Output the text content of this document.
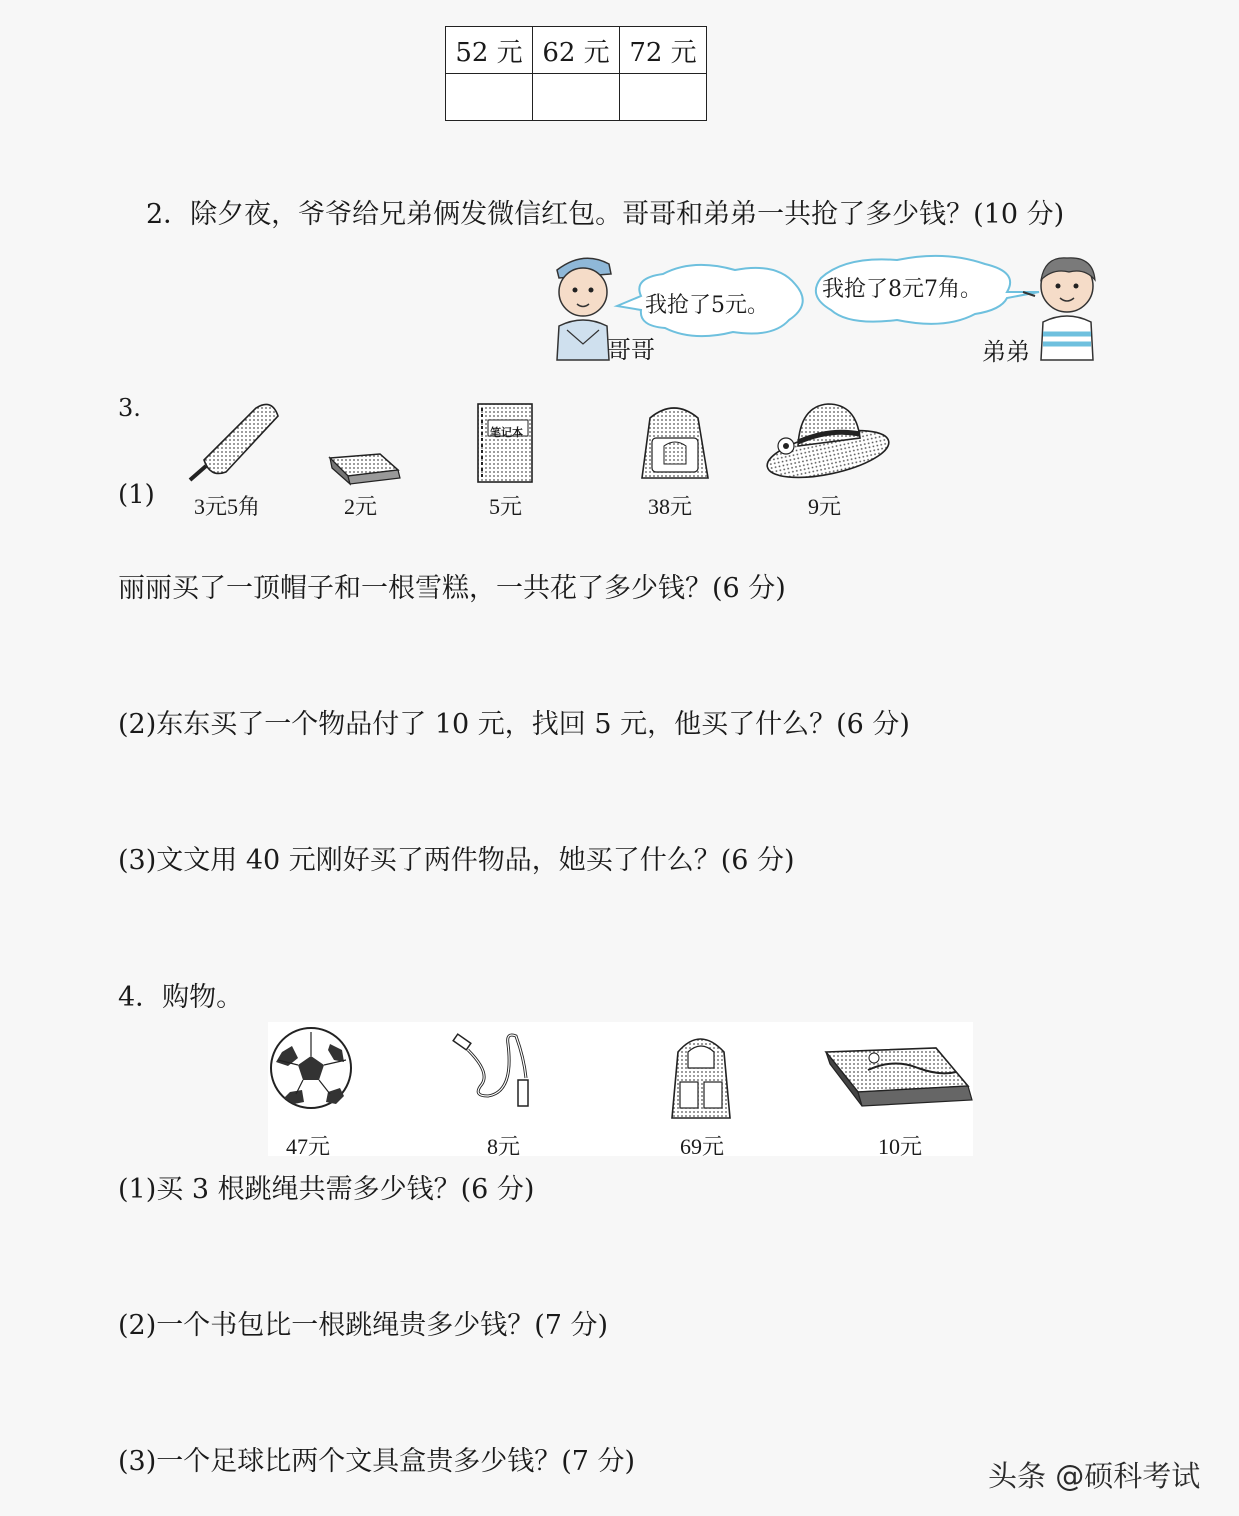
52 元	62 元	72 元

2．除夕夜，爷爷给兄弟俩发微信红包。哥哥和弟弟一共抢了多少钱？(10 分)
我抢了5元。
我抢了8元7角。
哥哥	弟弟
3.
(1)
笔记本
3元5角	2元	5元	38元	9元
丽丽买了一顶帽子和一根雪糕，一共花了多少钱？(6 分)
(2)东东买了一个物品付了 10 元，找回 5 元，他买了什么？(6 分)
(3)文文用 40 元刚好买了两件物品，她买了什么？(6 分)
4．购物。
47元	8元	69元	10元
(1)买 3 根跳绳共需多少钱？(6 分)
(2)一个书包比一根跳绳贵多少钱？(7 分)
(3)一个足球比两个文具盒贵多少钱？(7 分)	头条 @硕科考试
